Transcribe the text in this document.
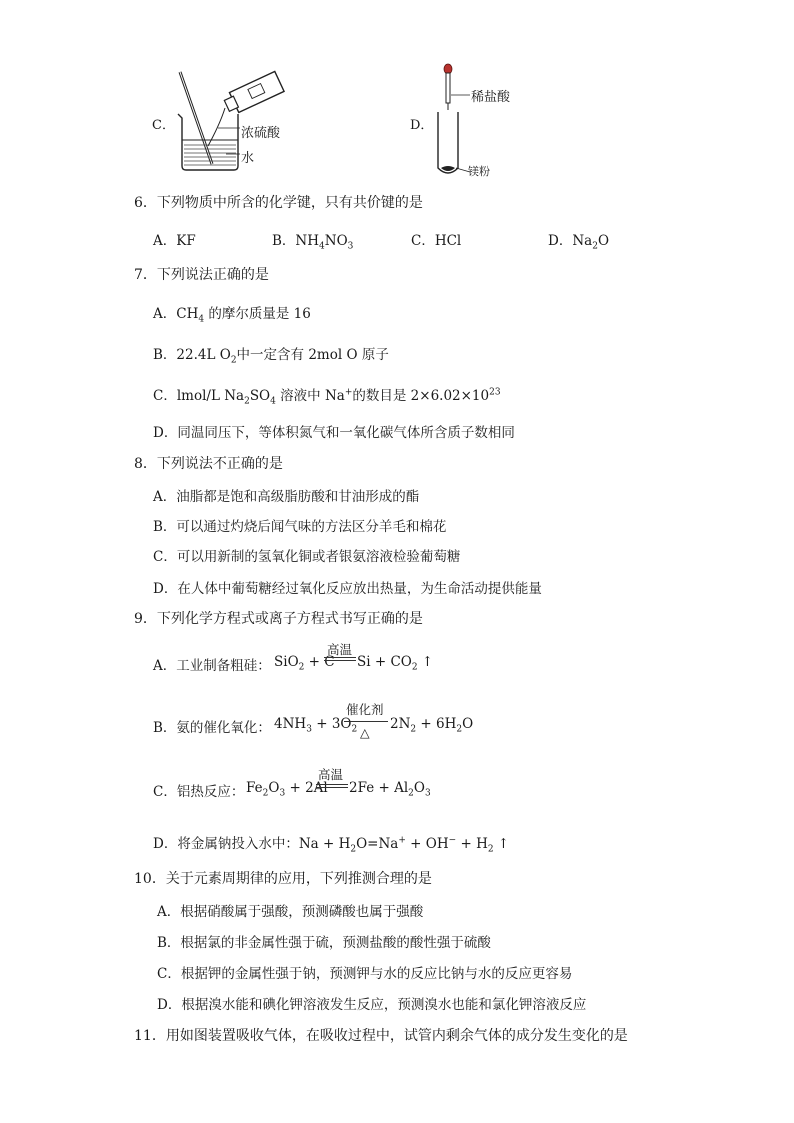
C．
浓硫酸
水
D．
稀盐酸
镁粉
6．下列物质中所含的化学键，只有共价键的是
A．KF	B．$NH_4NO_3$	C．HCl	D．$Na_2O$
7．下列说法正确的是
A．$CH_4$ 的摩尔质量是 16
B．22.4L $O_2$中一定含有 2mol O 原子
C．lmol/L $Na_2SO_4$ 溶液中 Na+的数目是 $2\times 6.02\times 10^{23}$
D．同温同压下，等体积氮气和一氧化碳气体所含质子数相同
8．下列说法不正确的是
A．油脂都是饱和高级脂肪酸和甘油形成的酯
B．可以通过灼烧后闻气味的方法区分羊毛和棉花
C．可以用新制的氢氧化铜或者银氨溶液检验葡萄糖
D．在人体中葡萄糖经过氧化反应放出热量，为生命活动提供能量
9．下列化学方程式或离子方程式书写正确的是
A．工业制备粗硅： SiO$_2$ + C
高温
$Si + CO_2$ ↑
B．氨的催化氧化： $4NH_3 + 3O_2$
催化剂
△
$2N_2 + 6H_2O$
C．铝热反应： $Fe_2O_3 + 2Al$
高温
$2Fe + Al_2O_3$
D．将金属钠投入水中：$Na + H_2O=Na^+ + OH^- + H_2$ ↑
10．关于元素周期律的应用，下列推测合理的是
A．根据硝酸属于强酸，预测磷酸也属于强酸
B．根据氯的非金属性强于硫，预测盐酸的酸性强于硫酸
C．根据钾的金属性强于钠，预测钾与水的反应比钠与水的反应更容易
D．根据溴水能和碘化钾溶液发生反应，预测溴水也能和氯化钾溶液反应
11．用如图装置吸收气体，在吸收过程中，试管内剩余气体的成分发生变化的是
